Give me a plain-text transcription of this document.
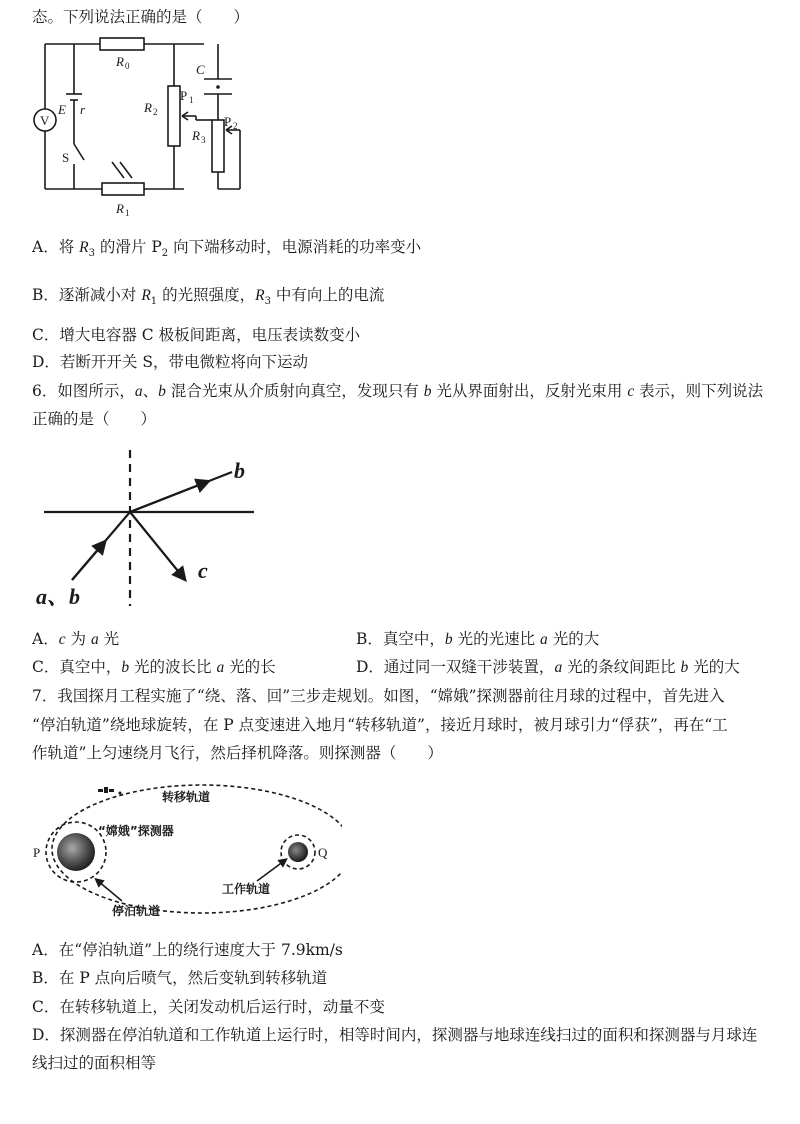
态。下列说法正确的是（　　）
V
E r
S
R 0
R 1
R 2
R 3
C
P 1
P 2
A．将 $R_3$ 的滑片 $P_2$ 向下端移动时，电源消耗的功率变小
B．逐渐减小对 $R_1$ 的光照强度，$R_3$ 中有向上的电流
C．增大电容器 C 极板间距离，电压表读数变小
D．若断开开关 S，带电微粒将向下运动
6．如图所示，a、b 混合光束从介质射向真空，发现只有 b 光从界面射出，反射光束用 c 表示，则下列说法
正确的是（　　）
b
c
a、b
A．c 为 a 光	B．真空中，b 光的光速比 a 光的大
C．真空中，b 光的波长比 a 光的长	D．通过同一双缝干涉装置，a 光的条纹间距比 b 光的大
7．我国探月工程实施了“绕、落、回”三步走规划。如图，“嫦娥”探测器前往月球的过程中，首先进入
“停泊轨道”绕地球旋转，在 P 点变速进入地月“转移轨道”，接近月球时，被月球引力“俘获”，再在“工
作轨道”上匀速绕月飞行，然后择机降落。则探测器（　　）
转移轨道
“嫦娥”探测器
停泊轨道
工作轨道
P	Q
A．在“停泊轨道”上的绕行速度大于 7.9km/s
B．在 P 点向后喷气，然后变轨到转移轨道
C．在转移轨道上，关闭发动机后运行时，动量不变
D．探测器在停泊轨道和工作轨道上运行时，相等时间内，探测器与地球连线扫过的面积和探测器与月球连
线扫过的面积相等
